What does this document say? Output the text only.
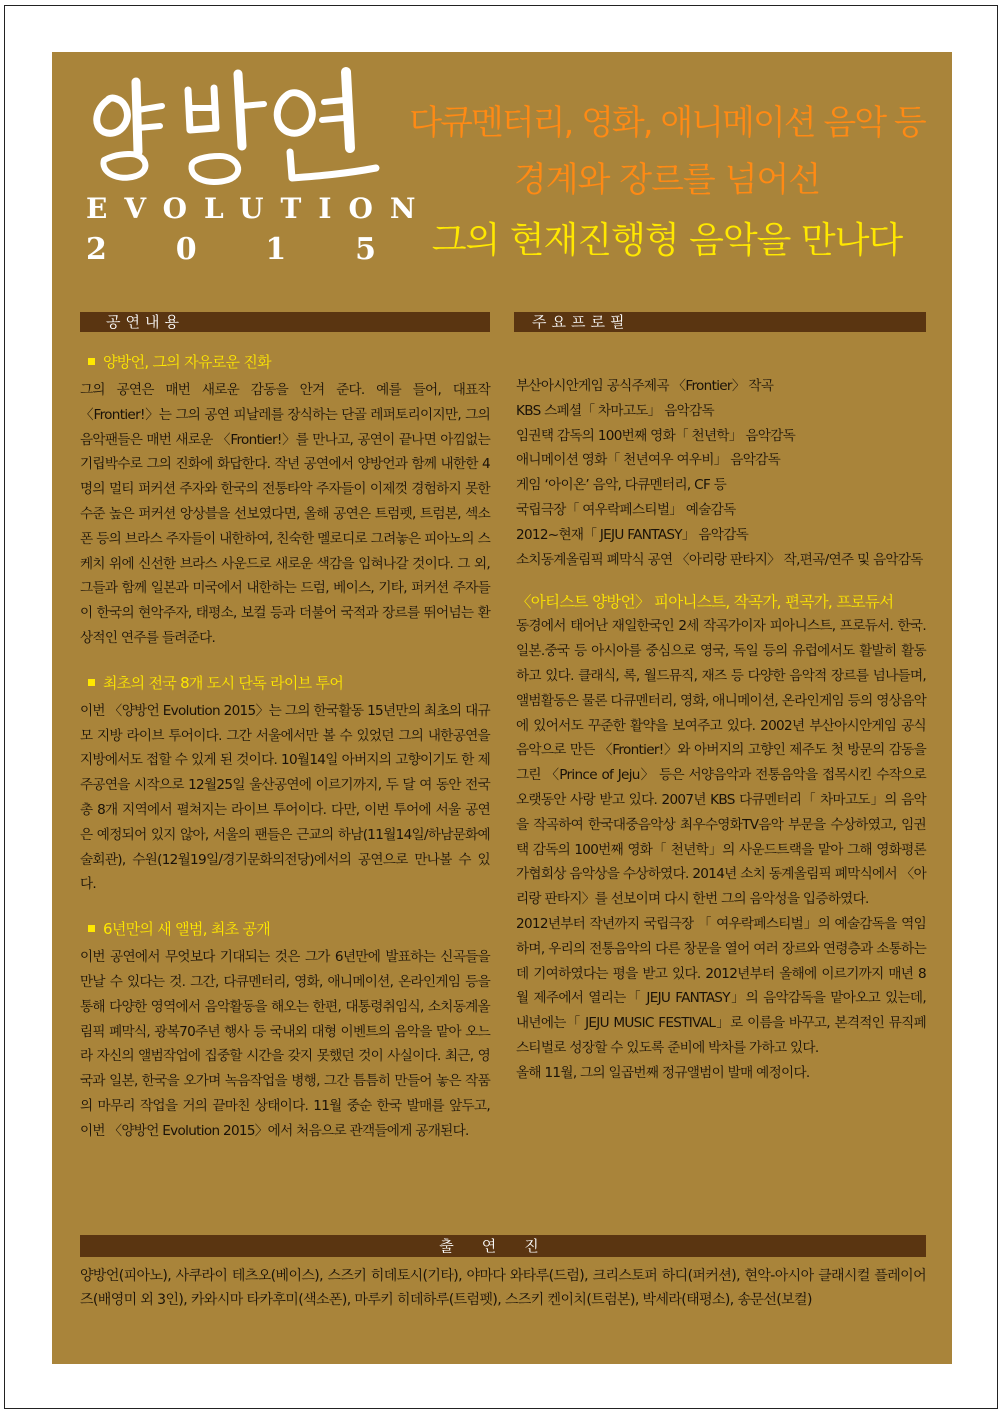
EVOLUTION
2 0 1 5
다큐멘터리, 영화, 애니메이션 음악 등
경계와 장르를 넘어선
그의 현재진행형 음악을 만나다
공연내용	주요프로필

양방언, 그의 자유로운 진화

그의 공연은 매번 새로운 감동을 안겨 준다. 예를 들어, 대표작 〈Frontier!〉는 그의 공연 피날레를 장식하는 단골 레퍼토리이지만, 그의 음악팬들은 매번 새로운 〈Frontier!〉를 만나고, 공연이 끝나면 아낌없는 기립박수로 그의 진화에 화답한다. 작년 공연에서 양방언과 함께 내한한 4명의 멀티 퍼커션 주자와 한국의 전통타악 주자들이 이제껏 경험하지 못한 수준 높은 퍼커션 앙상블을 선보였다면, 올해 공연은 트럼펫, 트럼본, 섹소폰 등의 브라스 주자들이 내한하여, 친숙한 멜로디로 그려놓은 피아노의 스케치 위에 신선한 브라스 사운드로 새로운 색감을 입혀나갈 것이다. 그 외, 그들과 함께 일본과 미국에서 내한하는 드럼, 베이스, 기타, 퍼커션 주자들이 한국의 현악주자, 태평소, 보컬 등과 더불어 국적과 장르를 뛰어넘는 환상적인 연주를 들려준다.

최초의 전국 8개 도시 단독 라이브 투어

이번 〈양방언 Evolution 2015〉는 그의 한국활동 15년만의 최초의 대규모 지방 라이브 투어이다. 그간 서울에서만 볼 수 있었던 그의 내한공연을 지방에서도 접할 수 있게 된 것이다. 10월14일 아버지의 고향이기도 한 제주공연을 시작으로 12월25일 울산공연에 이르기까지, 두 달 여 동안 전국 총 8개 지역에서 펼쳐지는 라이브 투어이다. 다만, 이번 투어에 서울 공연은 예정되어 있지 않아, 서울의 팬들은 근교의 하남(11월14일/하남문화예술회관), 수원(12월19일/경기문화의전당)에서의 공연으로 만나볼 수 있다.

6년만의 새 앨범, 최초 공개

이번 공연에서 무엇보다 기대되는 것은 그가 6년만에 발표하는 신곡들을 만날 수 있다는 것. 그간, 다큐멘터리, 영화, 애니메이션, 온라인게임 등을 통해 다양한 영역에서 음악활동을 해오는 한편, 대통령취임식, 소치동계올림픽 폐막식, 광복70주년 행사 등 국내외 대형 이벤트의 음악을 맡아 오느라 자신의 앨범작업에 집중할 시간을 갖지 못했던 것이 사실이다. 최근, 영국과 일본, 한국을 오가며 녹음작업을 병행, 그간 틈틈히 만들어 놓은 작품의 마무리 작업을 거의 끝마친 상태이다. 11월 중순 한국 발매를 앞두고, 이번 〈양방언 Evolution 2015〉에서 처음으로 관객들에게 공개된다.

부산아시안게임 공식주제곡 〈Frontier〉 작곡

KBS 스페셜「 차마고도」 음악감독

임권택 감독의 100번째 영화「 천년학」 음악감독

애니메이션 영화「 천년여우 여우비」 음악감독

게임 ‘아이온’ 음악, 다큐멘터리, CF 등

국립극장「 여우락페스티벌」 예술감독

2012~현재「 JEJU FANTASY」 음악감독

소치동계올림픽 폐막식 공연 〈아리랑 판타지〉 작,편곡/연주 및 음악감독

〈아티스트 양방언〉 피아니스트, 작곡가, 편곡가, 프로듀서

동경에서 태어난 재일한국인 2세 작곡가이자 피아니스트, 프로듀서. 한국.일본.중국 등 아시아를 중심으로 영국, 독일 등의 유럽에서도 활발히 활동하고 있다. 클래식, 록, 월드뮤직, 재즈 등 다양한 음악적 장르를 넘나들며, 앨범활동은 물론 다큐멘터리, 영화, 애니메이션, 온라인게임 등의 영상음악에 있어서도 꾸준한 활약을 보여주고 있다. 2002년 부산아시안게임 공식음악으로 만든 〈Frontier!〉와 아버지의 고향인 제주도 첫 방문의 감동을 그린 〈Prince of Jeju〉 등은 서양음악과 전통음악을 접목시킨 수작으로 오랫동안 사랑 받고 있다. 2007년 KBS 다큐멘터리「 차마고도」의 음악을 작곡하여 한국대중음악상 최우수영화TV음악 부문을 수상하였고, 임권택 감독의 100번째 영화「 천년학」의 사운드트랙을 맡아 그해 영화평론가협회상 음악상을 수상하였다. 2014년 소치 동계올림픽 폐막식에서 〈아리랑 판타지〉를 선보이며 다시 한번 그의 음악성을 입증하였다.

2012년부터 작년까지 국립극장 「 여우락페스티벌」의 예술감독을 역임하며, 우리의 전통음악의 다른 창문을 열어 여러 장르와 연령층과 소통하는데 기여하였다는 평을 받고 있다. 2012년부터 올해에 이르기까지 매년 8월 제주에서 열리는「 JEJU FANTASY」의 음악감독을 맡아오고 있는데, 내년에는「 JEJU MUSIC FESTIVAL」로 이름을 바꾸고, 본격적인 뮤직페스티벌로 성장할 수 있도록 준비에 박차를 가하고 있다.

올해 11월, 그의 일곱번째 정규앨범이 발매 예정이다.

출연진
양방언(피아노), 사쿠라이 테츠오(베이스), 스즈키 히데토시(기타), 야마다 와타루(드럼), 크리스토퍼 하디(퍼커션), 현악-아시아 클래시컬 플레이어즈(배영미 외 3인), 카와시마 타카후미(색소폰), 마루키 히데하루(트럼펫), 스즈키 켄이치(트럼본), 박세라(태평소), 송문선(보컬)
